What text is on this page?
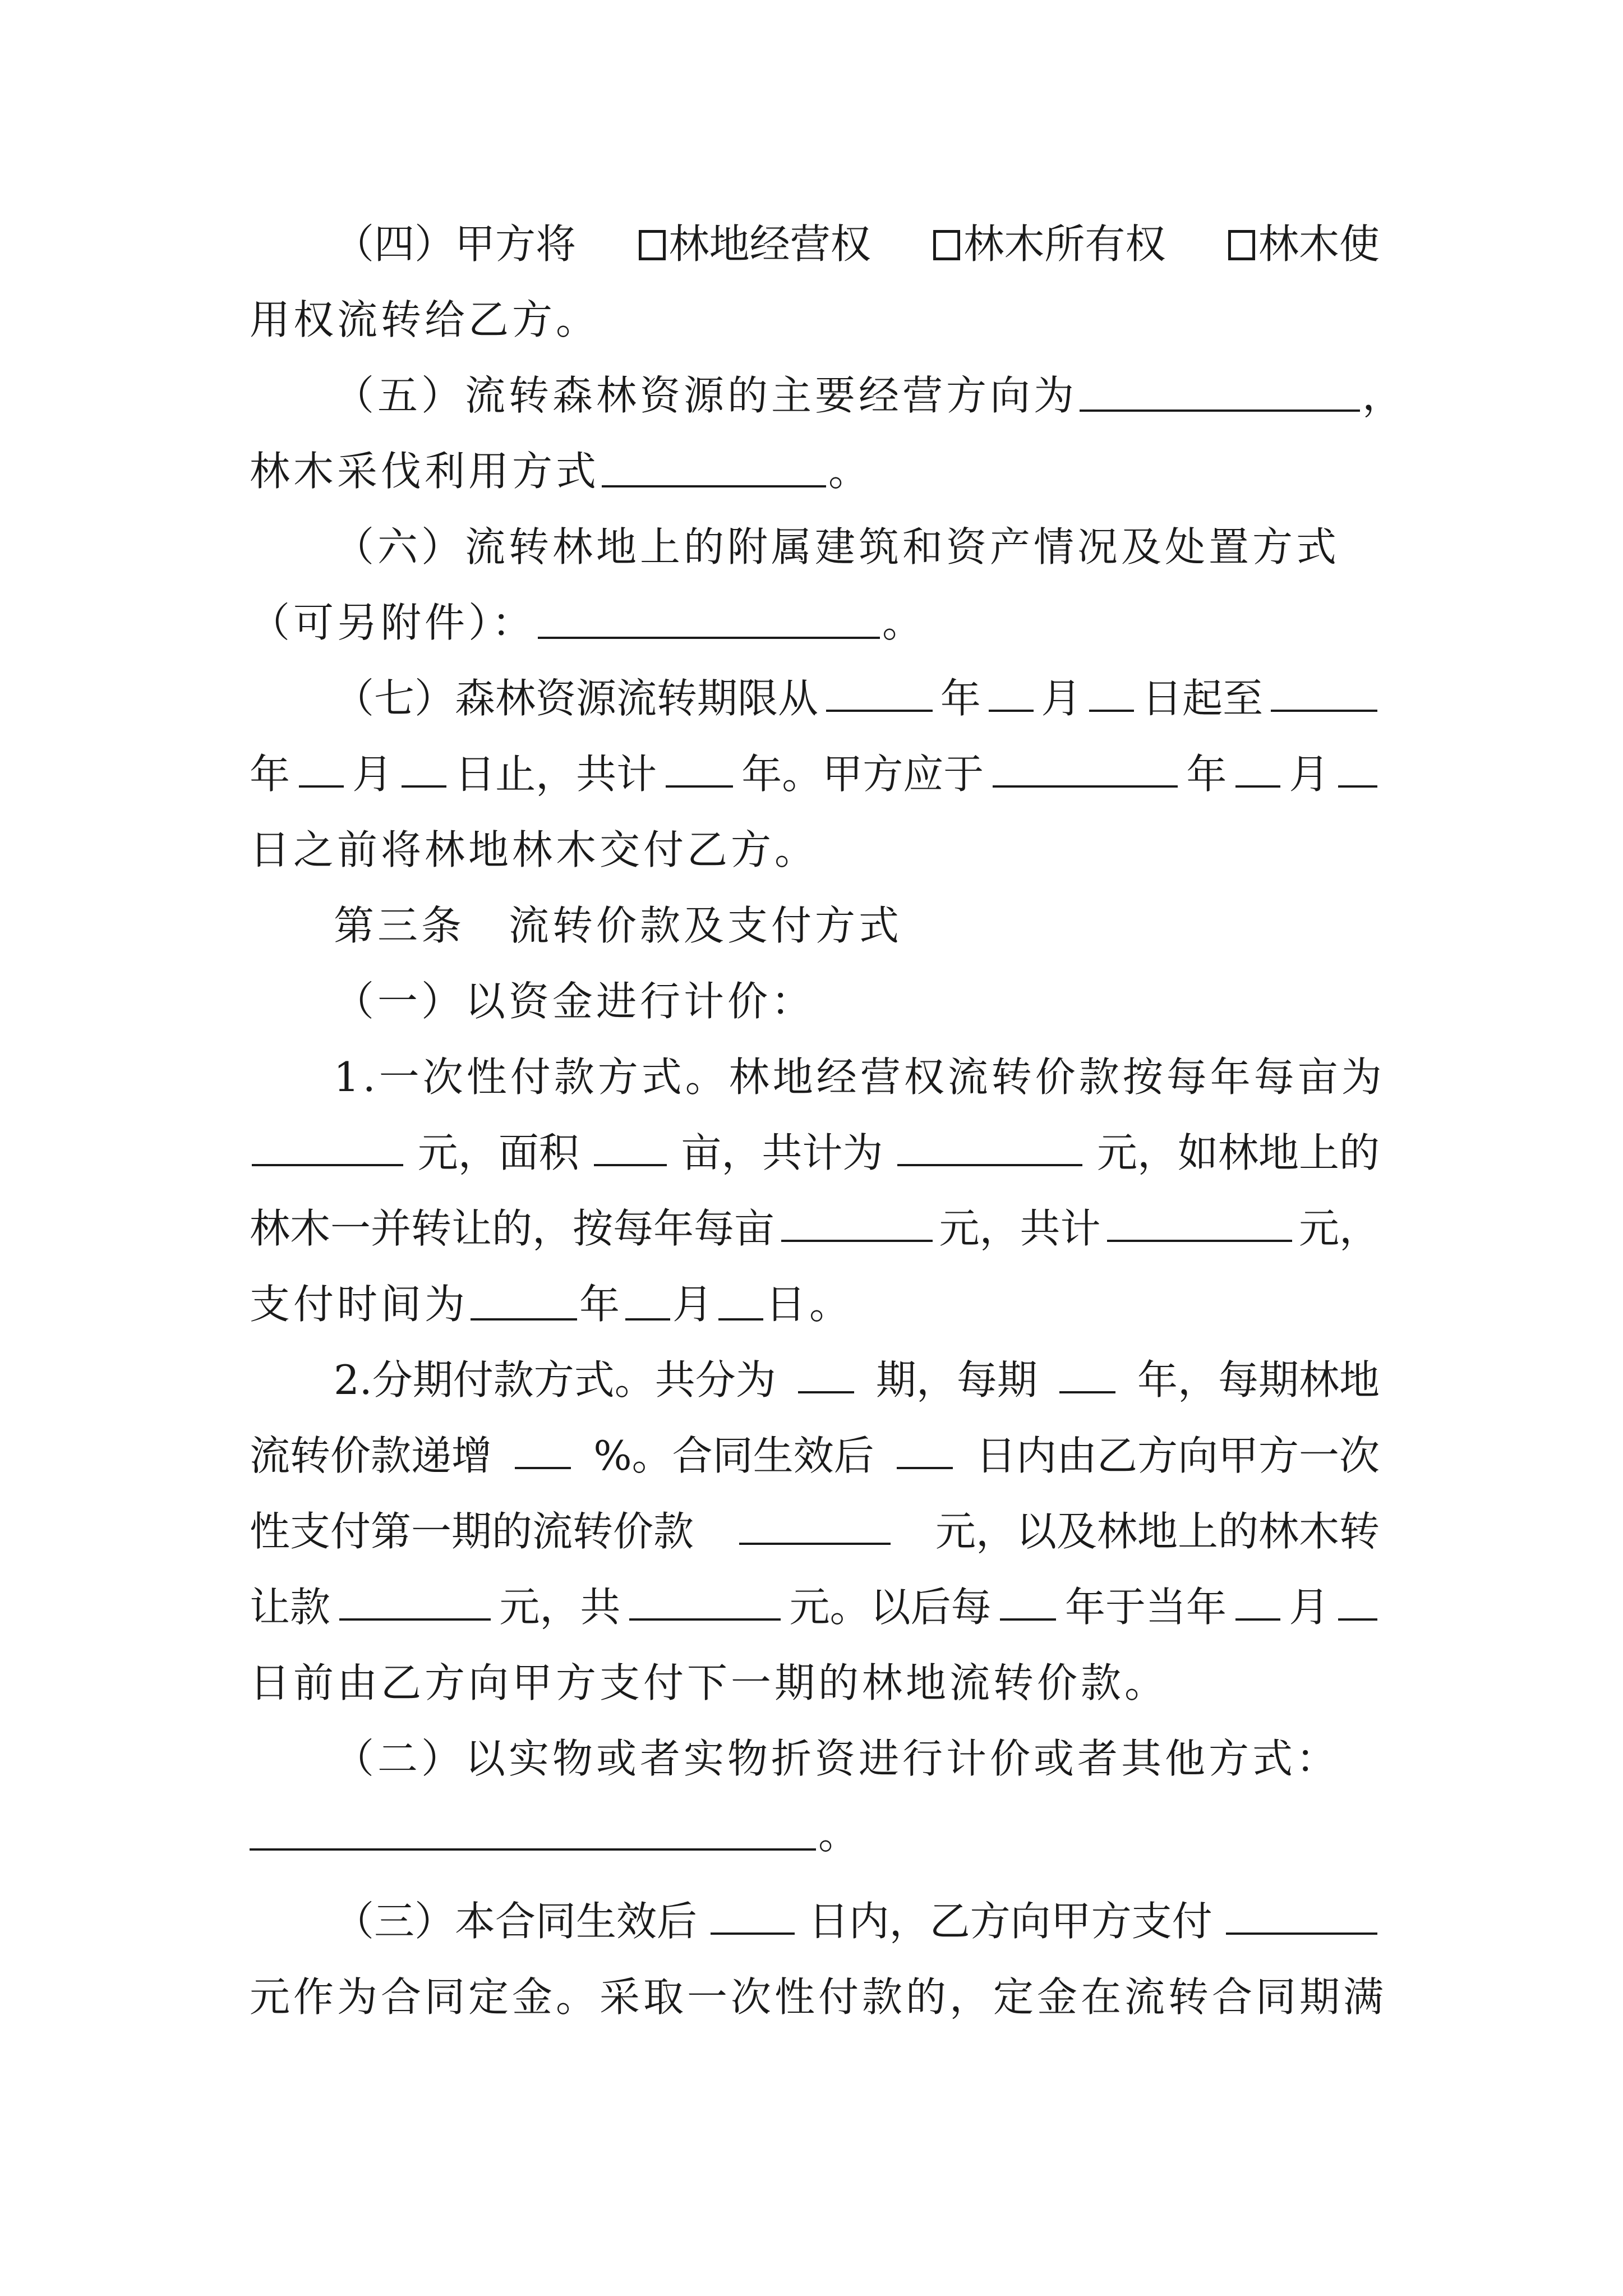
（四）甲方将	林地经营权	林木所有权	林木使
用权流转给乙方。
（五）流转森林资源的主要经营方向为	，
林木采伐利用方式	。
（六）流转林地上的附属建筑和资产情况及处置方式
（可另附件）：	。
（七）森林资源流转期限从	年 月 日起至
年 月 日止，共计 年。甲方应于	年 月
日之前将林地林木交付乙方。
第三条　流转价款及支付方式
（一）以资金进行计价：
1.一次性付款方式。林地经营权流转价款按每年每亩为
元，面积	亩，共计为	元，如林地上的
林木一并转让的，按每年每亩	元，共计	元，
支付时间为	年 月 日。
2.分期付款方式。共分为 期，每期 年，每期林地
流转价款递增	%。合同生效后	日内由乙方向甲方一次
性支付第一期的流转价款	元，以及林地上的林木转
让款	元，共	元。以后每 年于当年 月
日前由乙方向甲方支付下一期的林地流转价款。
（二）以实物或者实物折资进行计价或者其他方式：
。
（三）本合同生效后	日内，乙方向甲方支付
元作为合同定金。采取一次性付款的，定金在流转合同期满
